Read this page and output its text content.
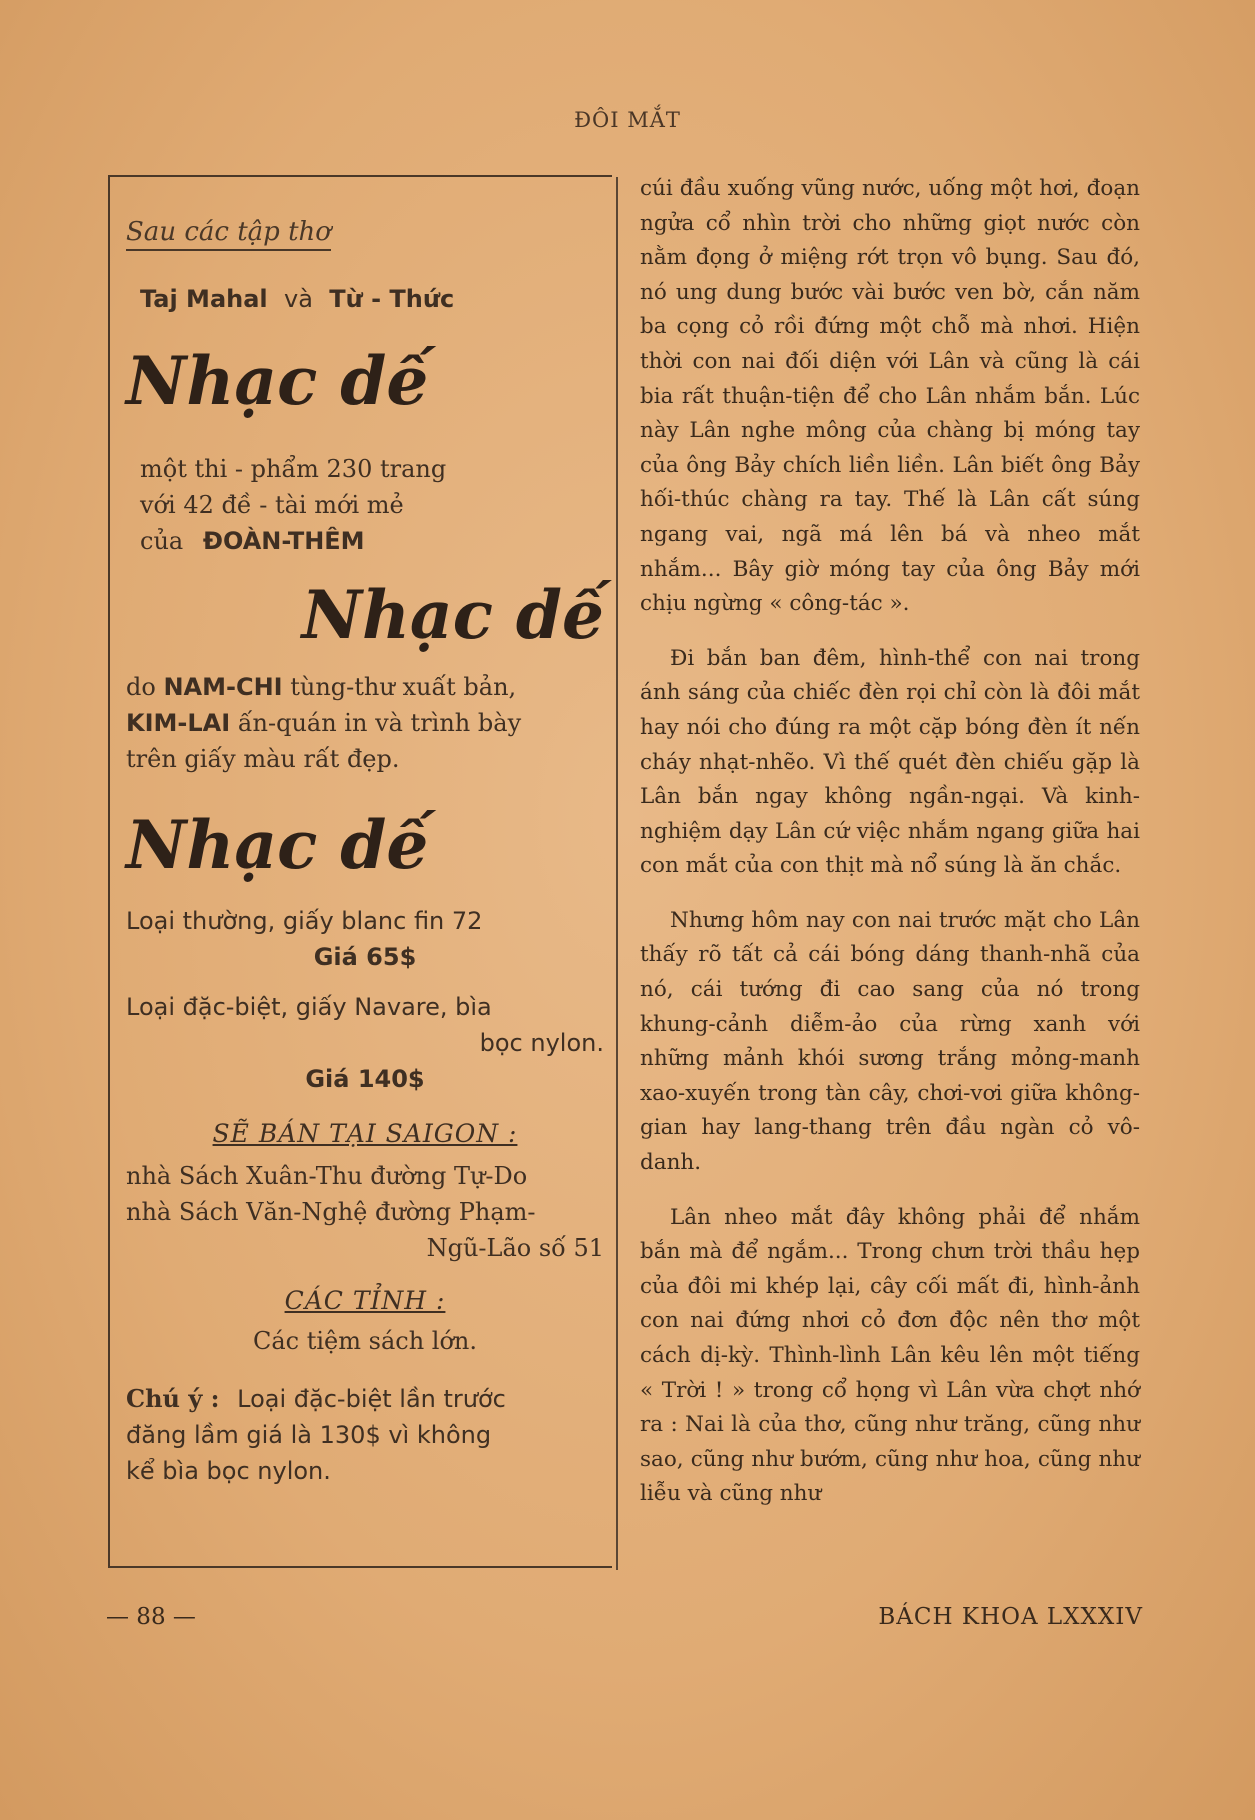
ĐÔI MẮT
Sau các tập thơ
Taj Mahal và Từ - Thức
Nhạc dế
một thi - phẩm 230 trang
với 42 đề - tài mới mẻ
của ĐOÀN-THÊM
Nhạc dế
do NAM-CHI tùng-thư xuất bản,
KIM-LAI ấn-quán in và trình bày
trên giấy màu rất đẹp.
Nhạc dế
Loại thường, giấy blanc fin 72
Giá 65$
Loại đặc-biệt, giấy Navare, bìa
bọc nylon.
Giá 140$
SẼ BÁN TẠI SAIGON :
nhà Sách Xuân-Thu đường Tự-Do
nhà Sách Văn-Nghệ đường Phạm-
Ngũ-Lão số 51
CÁC TỈNH :
Các tiệm sách lớn.
Chú ý : Loại đặc-biệt lần trước
đăng lầm giá là 130$ vì không
kể bìa bọc nylon.

cúi đầu xuống vũng nước, uống một hơi, đoạn ngửa cổ nhìn trời cho những giọt nước còn nằm đọng ở miệng rớt trọn vô bụng. Sau đó, nó ung dung bước vài bước ven bờ, cắn năm ba cọng cỏ rồi đứng một chỗ mà nhơi. Hiện thời con nai đối diện với Lân và cũng là cái bia rất thuận-tiện để cho Lân nhắm bắn. Lúc này Lân nghe mông của chàng bị móng tay của ông Bảy chích liền liền. Lân biết ông Bảy hối-thúc chàng ra tay. Thế là Lân cất súng ngang vai, ngã má lên bá và nheo mắt nhắm... Bây giờ móng tay của ông Bảy mới chịu ngừng « công-tác ».

Đi bắn ban đêm, hình-thể con nai trong ánh sáng của chiếc đèn rọi chỉ còn là đôi mắt hay nói cho đúng ra một cặp bóng đèn ít nến cháy nhạt-nhẽo. Vì thế quét đèn chiếu gặp là Lân bắn ngay không ngần-ngại. Và kinh-nghiệm dạy Lân cứ việc nhắm ngang giữa hai con mắt của con thịt mà nổ súng là ăn chắc.

Nhưng hôm nay con nai trước mặt cho Lân thấy rõ tất cả cái bóng dáng thanh-nhã của nó, cái tướng đi cao sang của nó trong khung-cảnh diễm-ảo của rừng xanh với những mảnh khói sương trắng mỏng-manh xao-xuyến trong tàn cây, chơi-vơi giữa không-gian hay lang-thang trên đầu ngàn cỏ vô-danh.

Lân nheo mắt đây không phải để nhắm bắn mà để ngắm... Trong chưn trời thầu hẹp của đôi mi khép lại, cây cối mất đi, hình-ảnh con nai đứng nhơi cỏ đơn độc nên thơ một cách dị-kỳ. Thình-lình Lân kêu lên một tiếng « Trời ! » trong cổ họng vì Lân vừa chợt nhớ ra : Nai là của thơ, cũng như trăng, cũng như sao, cũng như bướm, cũng như hoa, cũng như liễu và cũng như

— 88 —	BÁCH KHOA LXXXIV
